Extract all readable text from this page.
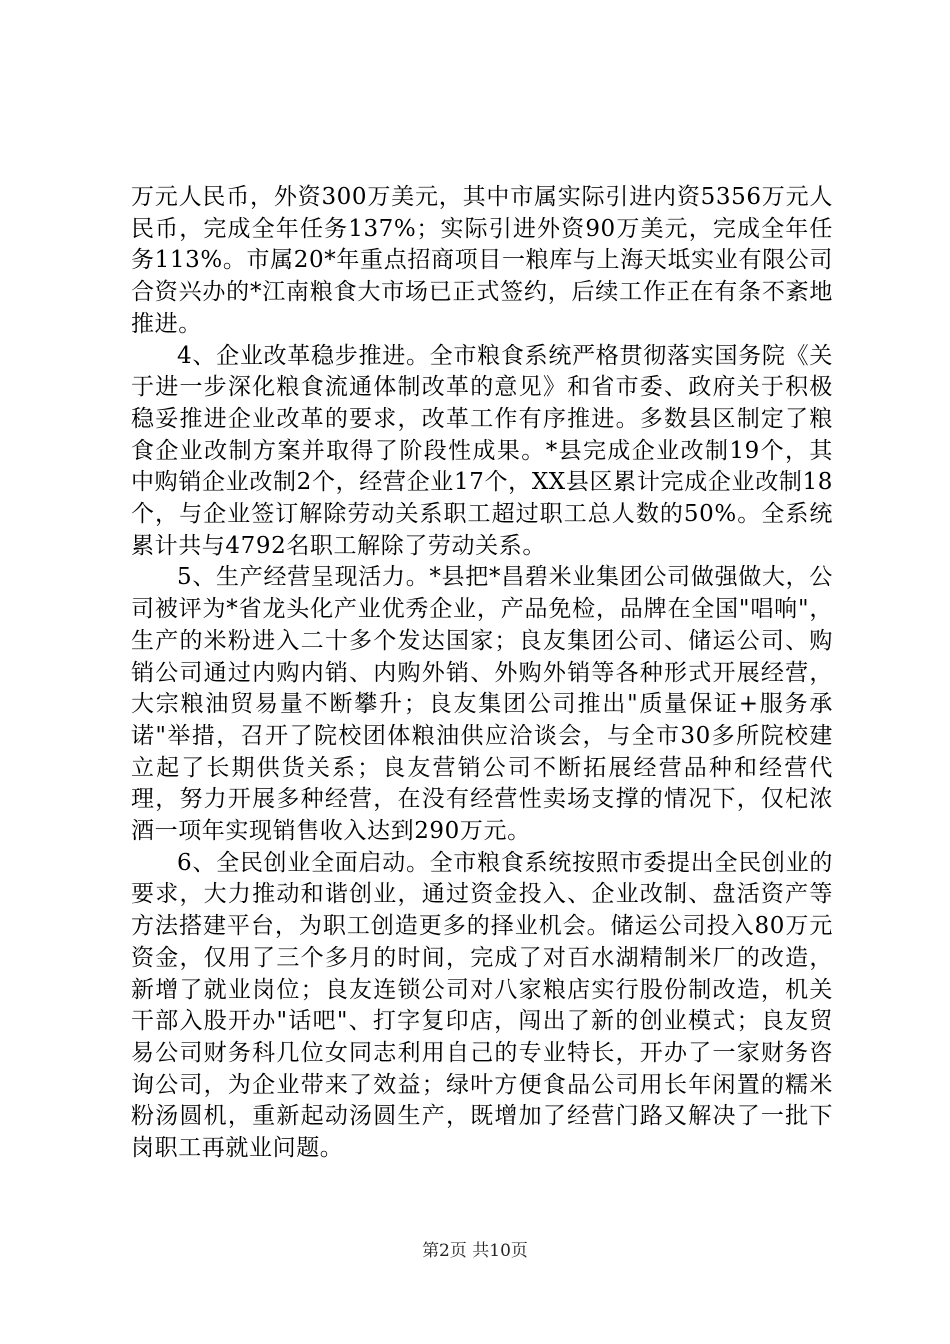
万元人民币，外资300万美元，其中市属实际引进内资5356万元人民币，完成全年任务137%；实际引进外资90万美元，完成全年任务113%。市属20*年重点招商项目一粮库与上海天坻实业有限公司合资兴办的*江南粮食大市场已正式签约，后续工作正在有条不紊地推进。

4、企业改革稳步推进。全市粮食系统严格贯彻落实国务院《关于进一步深化粮食流通体制改革的意见》和省市委、政府关于积极稳妥推进企业改革的要求，改革工作有序推进。多数县区制定了粮食企业改制方案并取得了阶段性成果。*县完成企业改制19个，其中购销企业改制2个，经营企业17个，XX县区累计完成企业改制18个，与企业签订解除劳动关系职工超过职工总人数的50%。全系统累计共与4792名职工解除了劳动关系。

5、生产经营呈现活力。*县把*昌碧米业集团公司做强做大，公司被评为*省龙头化产业优秀企业，产品免检，品牌在全国"唱响"，生产的米粉进入二十多个发达国家；良友集团公司、储运公司、购销公司通过内购内销、内购外销、外购外销等各种形式开展经营，大宗粮油贸易量不断攀升；良友集团公司推出"质量保证+服务承诺"举措，召开了院校团体粮油供应洽谈会，与全市30多所院校建立起了长期供货关系；良友营销公司不断拓展经营品种和经营代理，努力开展多种经营，在没有经营性卖场支撑的情况下，仅杞浓酒一项年实现销售收入达到290万元。

6、全民创业全面启动。全市粮食系统按照市委提出全民创业的要求，大力推动和谐创业，通过资金投入、企业改制、盘活资产等方法搭建平台，为职工创造更多的择业机会。储运公司投入80万元资金，仅用了三个多月的时间，完成了对百水湖精制米厂的改造，新增了就业岗位；良友连锁公司对八家粮店实行股份制改造，机关干部入股开办"话吧"、打字复印店，闯出了新的创业模式；良友贸易公司财务科几位女同志利用自己的专业特长，开办了一家财务咨询公司，为企业带来了效益；绿叶方便食品公司用长年闲置的糯米粉汤圆机，重新起动汤圆生产，既增加了经营门路又解决了一批下岗职工再就业问题。

第2页 共10页
